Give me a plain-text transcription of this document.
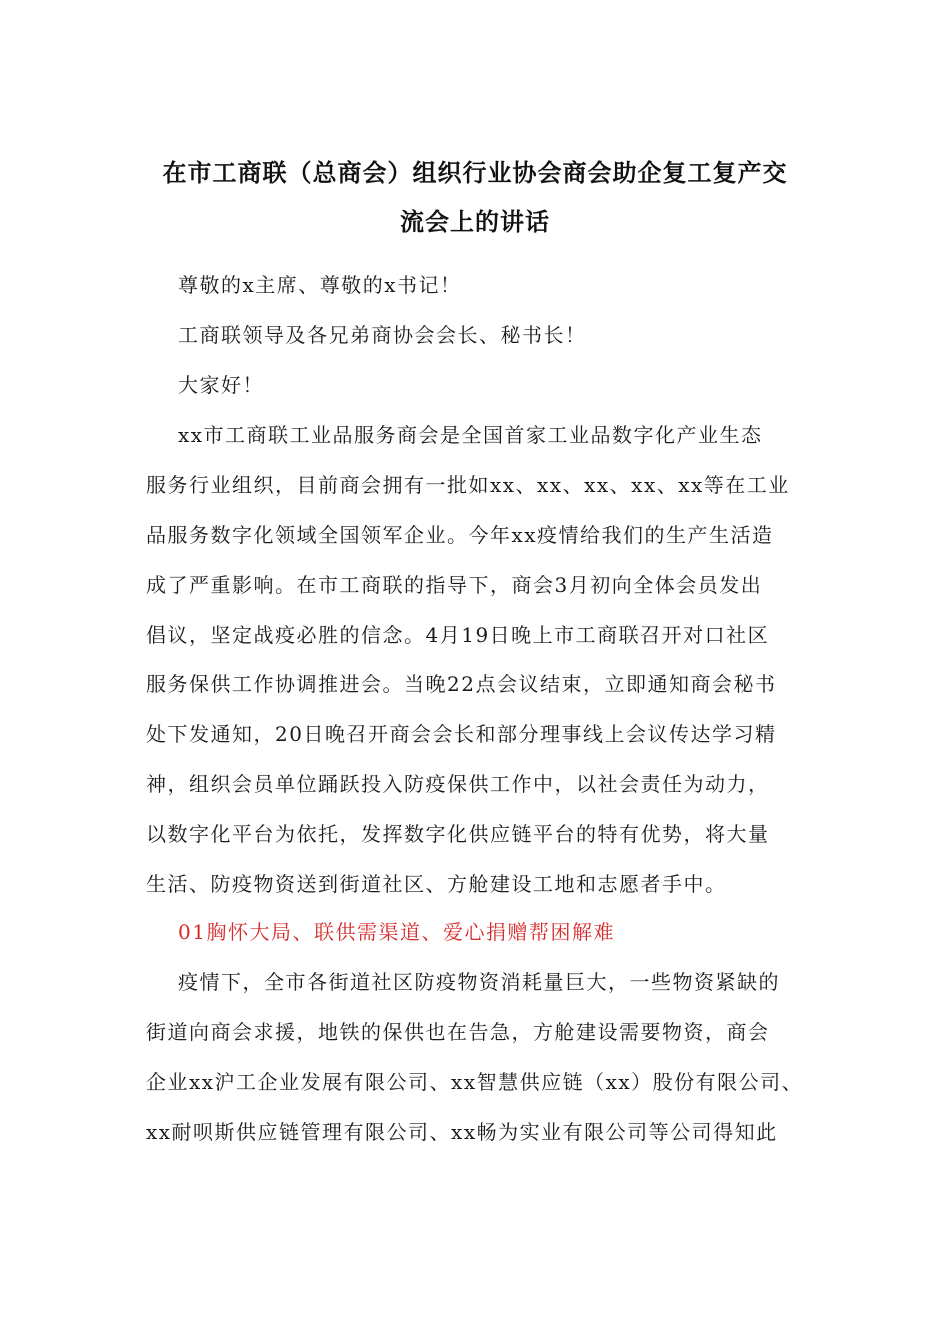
在市工商联（总商会）组织行业协会商会助企复工复产交
流会上的讲话
尊敬的x主席、尊敬的x书记！
工商联领导及各兄弟商协会会长、秘书长！
大家好！
xx市工商联工业品服务商会是全国首家工业品数字化产业生态
服务行业组织，目前商会拥有一批如xx、xx、xx、xx、xx等在工业
品服务数字化领域全国领军企业。今年xx疫情给我们的生产生活造
成了严重影响。在市工商联的指导下，商会3月初向全体会员发出
倡议，坚定战疫必胜的信念。4月19日晚上市工商联召开对口社区
服务保供工作协调推进会。当晚22点会议结束，立即通知商会秘书
处下发通知，20日晚召开商会会长和部分理事线上会议传达学习精
神，组织会员单位踊跃投入防疫保供工作中，以社会责任为动力，
以数字化平台为依托，发挥数字化供应链平台的特有优势，将大量
生活、防疫物资送到街道社区、方舱建设工地和志愿者手中。
01胸怀大局、联供需渠道、爱心捐赠帮困解难
疫情下，全市各街道社区防疫物资消耗量巨大，一些物资紧缺的
街道向商会求援，地铁的保供也在告急，方舱建设需要物资，商会
企业xx沪工企业发展有限公司、xx智慧供应链（xx）股份有限公司、
xx耐呗斯供应链管理有限公司、xx畅为实业有限公司等公司得知此
